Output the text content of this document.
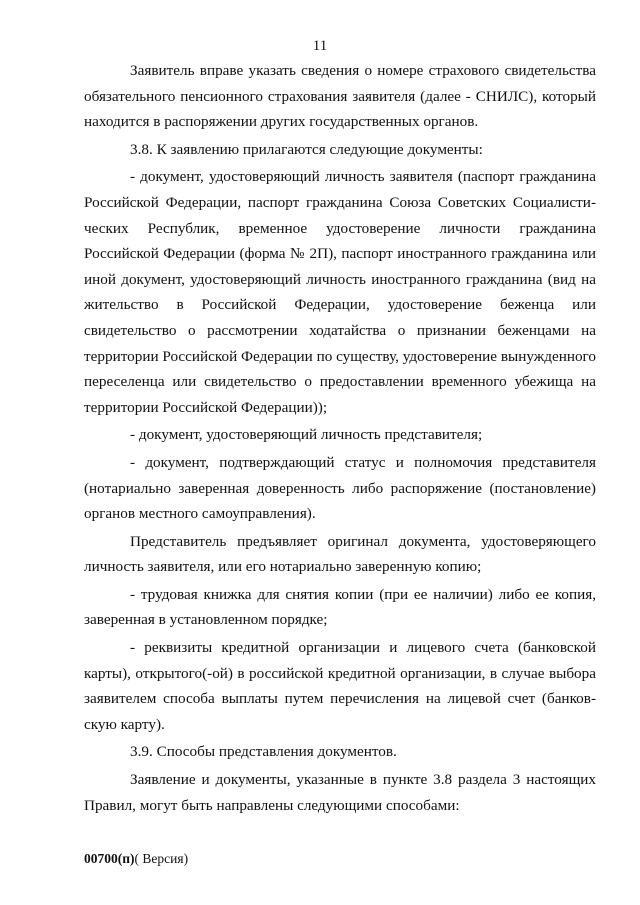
11

Заявитель вправе указать сведения о номере страхового свидетельства обязательного пенсионного страхования заявителя (далее - СНИЛС), который находится в распоряжении других государственных органов.

3.8. К заявлению прилагаются следующие документы:

- документ, удостоверяющий личность заявителя (паспорт гражданина Российской Федерации, паспорт гражданина Союза Советских Социалистических Республик, временное удостоверение личности гражданина Российской Федерации (форма № 2П), паспорт иностранного гражданина или иной документ, удостоверяющий личность иностранного гражданина (вид на жительство в Российской Федерации, удостоверение беженца или свидетельство о рассмотрении ходатайства о признании беженцами на территории Российской Федерации по существу, удостоверение вынужденного переселенца или свидетельство о предоставлении временного убежища на территории Российской Федерации));

- документ, удостоверяющий личность представителя;

- документ, подтверждающий статус и полномочия представителя (нотариально заверенная доверенность либо распоряжение (постановление) органов местного самоуправления).

Представитель предъявляет оригинал документа, удостоверяющего личность заявителя, или его нотариально заверенную копию;

- трудовая книжка для снятия копии (при ее наличии) либо ее копия, заверенная в установленном порядке;

- реквизиты кредитной организации и лицевого счета (банковской карты), открытого(-ой) в российской кредитной организации, в случае выбора заявителем способа выплаты путем перечисления на лицевой счет (банковскую карту).

3.9. Способы представления документов.

Заявление и документы, указанные в пункте 3.8 раздела 3 настоящих Правил, могут быть направлены следующими способами:

00700(п)( Версия)
